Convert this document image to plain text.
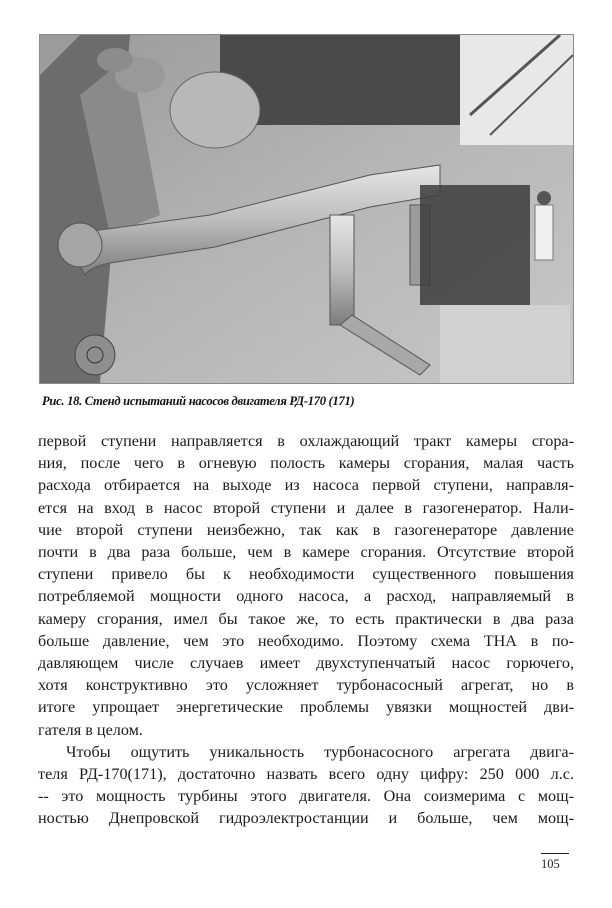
Рис. 18. Стенд испытаний насосов двигателя РД-170 (171)

первой ступени направляется в охлаждающий тракт камеры сгора-
ния, после чего в огневую полость камеры сгорания, малая часть
расхода отбирается на выходе из насоса первой ступени, направля-
ется на вход в насос второй ступени и далее в газогенератор. Нали-
чие второй ступени неизбежно, так как в газогенераторе давление
почти в два раза больше, чем в камере сгорания. Отсутствие второй
ступени привело бы к необходимости существенного повышения
потребляемой мощности одного насоса, а расход, направляемый в
камеру сгорания, имел бы такое же, то есть практически в два раза
больше давление, чем это необходимо. Поэтому схема ТНА в по-
давляющем числе случаев имеет двухступенчатый насос горючего,
хотя конструктивно это усложняет турбонасосный агрегат, но в
итоге упрощает энергетические проблемы увязки мощностей дви-
гателя в целом.

Чтобы ощутить уникальность турбонасосного агрегата двига-
теля РД-170(171), достаточно назвать всего одну цифру: 250 000 л.с.
-- это мощность турбины этого двигателя. Она соизмерима с мощ-
ностью Днепровской гидроэлектростанции и больше, чем мощ-

105
